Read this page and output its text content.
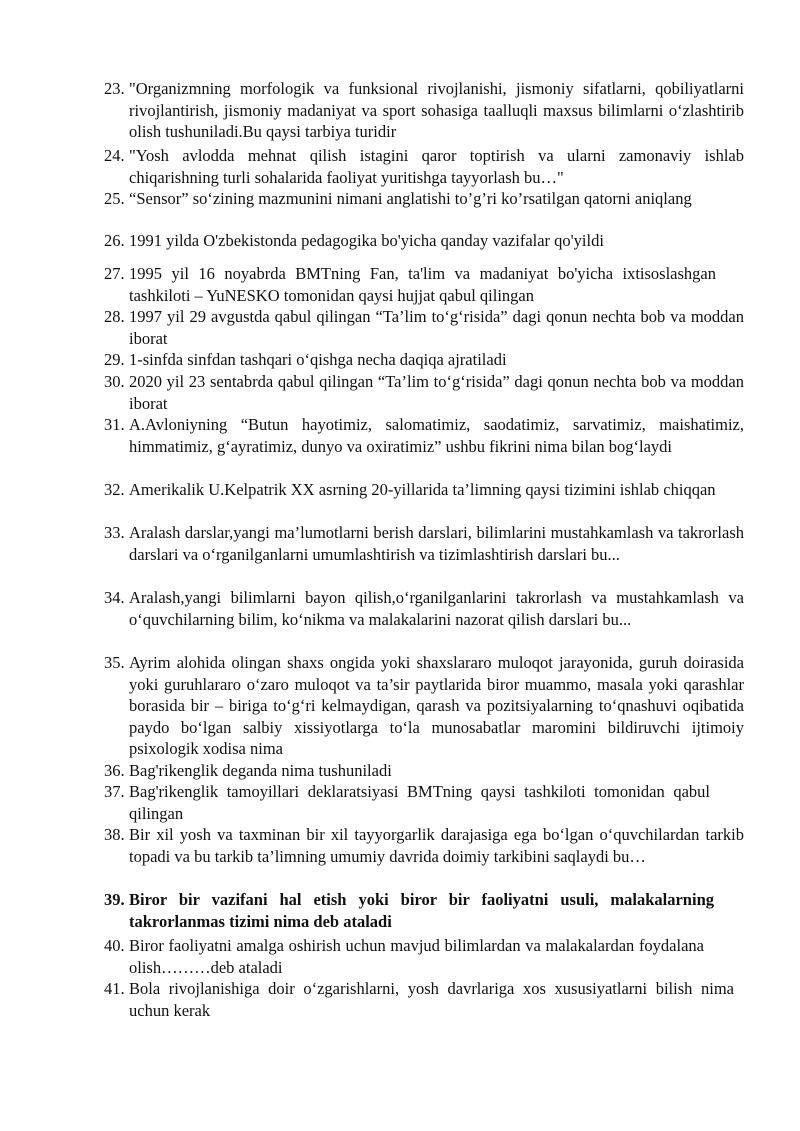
23. "Organizmning morfologik va funksional rivojlanishi, jismoniy sifatlarni, qobiliyatlarni rivojlantirish, jismoniy madaniyat va sport sohasiga taalluqli maxsus bilimlarni o‘zlashtirib olish tushuniladi.Bu qaysi tarbiya turidir
24. "Yosh avlodda mehnat qilish istagini qaror toptirish va ularni zamonaviy ishlab chiqarishning turli sohalarida faoliyat yuritishga tayyorlash bu…"
25. “Sensor” so‘zining mazmunini nimani anglatishi to’g’ri ko’rsatilgan qatorni aniqlang
26. 1991 yilda O'zbekistonda pedagogika bo'yicha qanday vazifalar qo'yildi
27. 1995 yil 16 noyabrda BMTning Fan, ta'lim va madaniyat bo'yicha ixtisoslashgan tashkiloti – YuNESKO tomonidan qaysi hujjat qabul qilingan
28. 1997 yil 29 avgustda qabul qilingan “Ta’lim to‘g‘risida” dagi qonun nechta bob va moddan iborat
29. 1-sinfda sinfdan tashqari o‘qishga necha daqiqa ajratiladi
30. 2020 yil 23 sentabrda qabul qilingan “Ta’lim to‘g‘risida” dagi qonun nechta bob va moddan iborat
31. A.Avloniyning “Butun hayotimiz, salomatimiz, saodatimiz, sarvatimiz, maishatimiz, himmatimiz, g‘ayratimiz, dunyo va oxiratimiz” ushbu fikrini nima bilan bog‘laydi
32. Amerikalik U.Kelpatrik XX asrning 20-yillarida ta’limning qaysi tizimini ishlab chiqqan
33. Aralash darslar,yangi ma’lumotlarni berish darslari, bilimlarini mustahkamlash va takrorlash darslari va o‘rganilganlarni umumlashtirish va tizimlashtirish darslari bu...
34. Aralash,yangi bilimlarni bayon qilish,o‘rganilganlarini takrorlash va mustahkamlash va o‘quvchilarning bilim, ko‘nikma va malakalarini nazorat qilish darslari bu...
35. Ayrim alohida olingan shaxs ongida yoki shaxslararo muloqot jarayonida, guruh doirasida yoki guruhlararo o‘zaro muloqot va ta’sir paytlarida biror muammo, masala yoki qarashlar borasida bir – biriga to‘g‘ri kelmaydigan, qarash va pozitsiyalarning to‘qnashuvi oqibatida paydo bo‘lgan salbiy xissiyotlarga to‘la munosabatlar maromini bildiruvchi ijtimoiy psixologik xodisa nima
36. Bag'rikenglik deganda nima tushuniladi
37. Bag'rikenglik tamoyillari deklaratsiyasi BMTning qaysi tashkiloti tomonidan qabul qilingan
38. Bir xil yosh va taxminan bir xil tayyorgarlik darajasiga ega bo‘lgan o‘quvchilardan tarkib topadi va bu tarkib ta’limning umumiy davrida doimiy tarkibini saqlaydi bu…
39. Biror bir vazifani hal etish yoki biror bir faoliyatni usuli, malakalarning takrorlanmas tizimi nima deb ataladi
40. Biror faoliyatni amalga oshirish uchun mavjud bilimlardan va malakalardan foydalana olish………deb ataladi
41. Bola rivojlanishiga doir o‘zgarishlarni, yosh davrlariga xos xususiyatlarni bilish nima uchun kerak
